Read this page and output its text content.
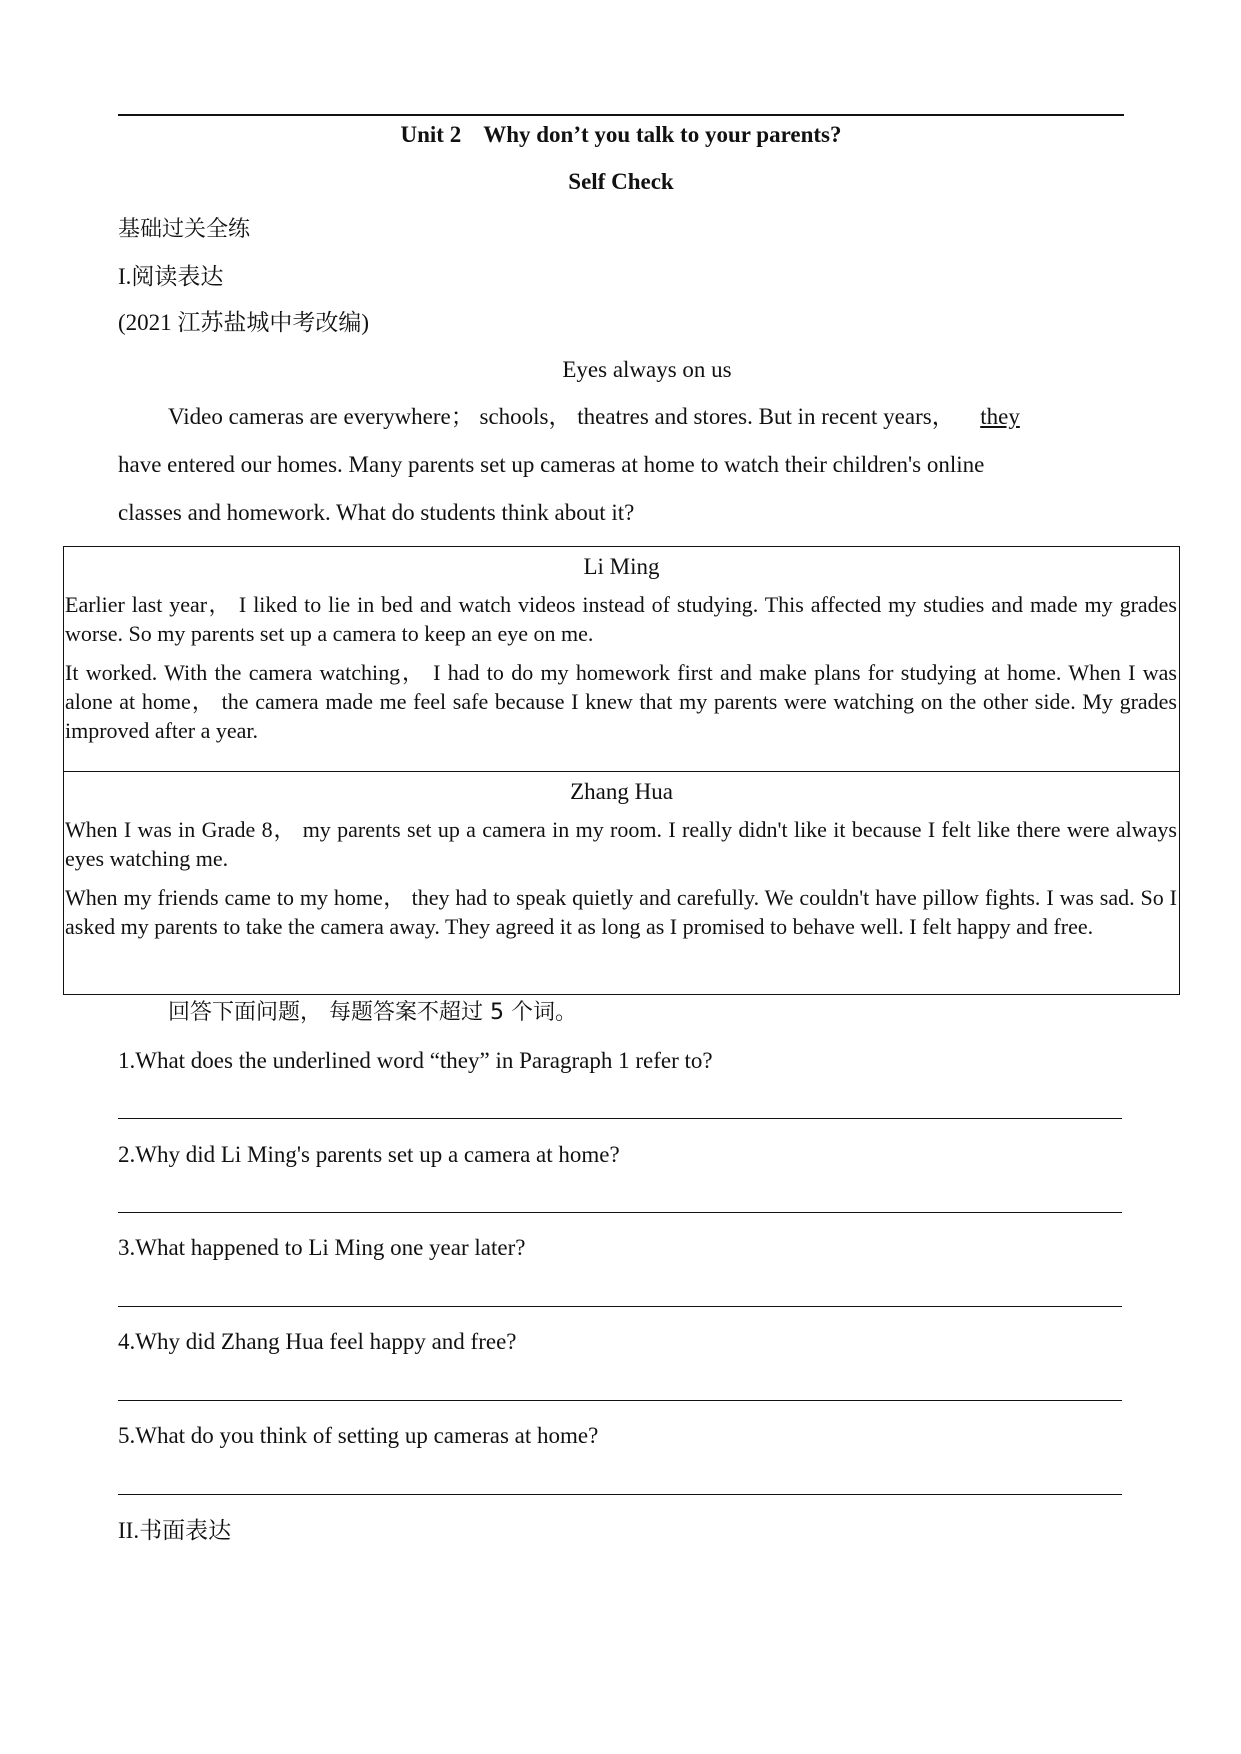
Unit 2 Why don’t you talk to your parents?
Self Check
基础过关全练
I.阅读表达
(2021 江苏盐城中考改编)
Eyes always on us
Video cameras are everywhere； schools， theatres and stores. But in recent years， they
have entered our homes. Many parents set up cameras at home to watch their children's online
classes and homework. What do students think about it?
Li Ming
Earlier last year， I liked to lie in bed and watch videos instead of studying. This affected my studies and made my grades worse. So my parents set up a camera to keep an eye on me.
It worked. With the camera watching， I had to do my homework first and make plans for studying at home. When I was alone at home， the camera made me feel safe because I knew that my parents were watching on the other side. My grades improved after a year.
Zhang Hua
When I was in Grade 8， my parents set up a camera in my room. I really didn't like it because I felt like there were always eyes watching me.
When my friends came to my home， they had to speak quietly and carefully. We couldn't have pillow fights. I was sad. So I asked my parents to take the camera away. They agreed it as long as I promised to behave well. I felt happy and free.
回答下面问题， 每题答案不超过 5 个词。
1.What does the underlined word “they” in Paragraph 1 refer to?
2.Why did Li Ming's parents set up a camera at home?
3.What happened to Li Ming one year later?
4.Why did Zhang Hua feel happy and free?
5.What do you think of setting up cameras at home?
II.书面表达
